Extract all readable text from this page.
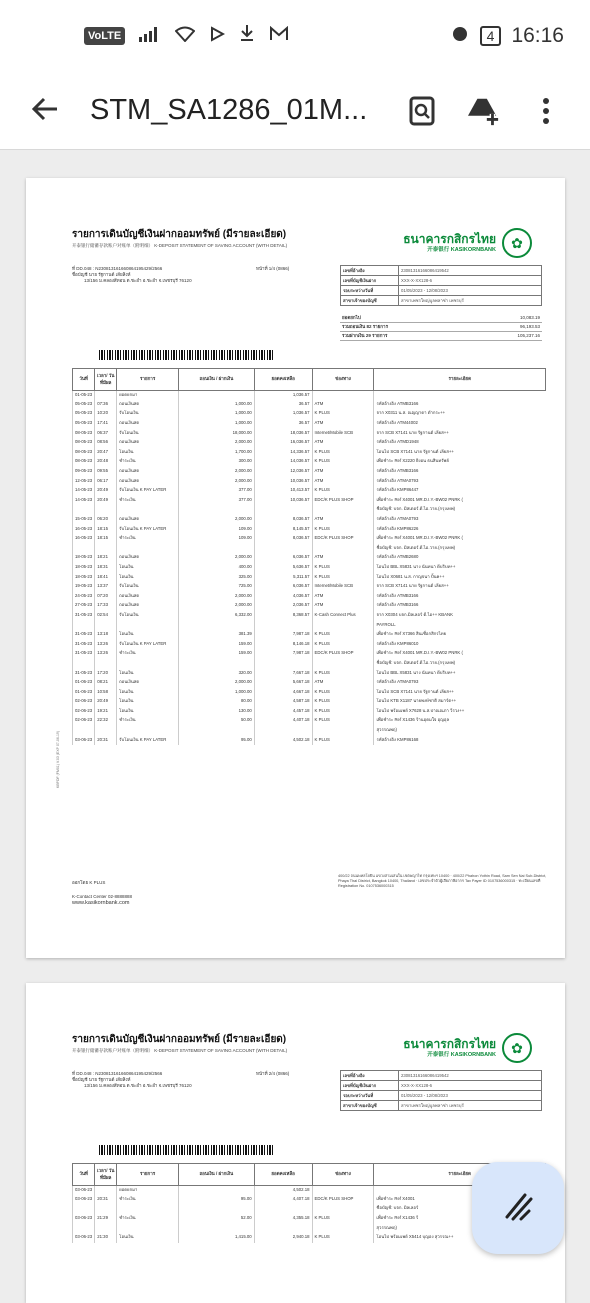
VoLTE	4 16:16
STM_SA1286_01M...
รายการเดินบัญชีเงินฝากออมทรัพย์ (มีรายละเอียด)
开泰银行储蓄存款账户对账单（附明细） K-DEPOSIT STATEMENT OF SAVING ACCOUNT (WITH DETAIL)	ธนาคารกสิกรไทย
开泰银行 KASIKORNBANK	✿
ที่ DD.048 : N2308131616608641954‌29/2566
ชื่อบัญชี นาย รัฐกานต์ เลียสิงห์
13/156 ม.คลองสีทอน ต.ชะอำ อ.ชะอำ จ.เพชรบุรี 76120
หน้าที่ 1/4 (0866)	เลขที่อ้างอิง	230813161660864195‌42
เลขที่บัญชีเงินฝาก	XXX-X-XX128-6
รอบระหว่างวันที่	01/05/2023 - 12/08/2023
สาขาเจ้าของบัญชี	สาขาเพชรใหญ่บูลพลาซ่า เพชรบุรี
ยอดยกไป	10,083.19
รวมถอนเงิน 82 รายการ	96,193.53
รวมฝากเงิน 29 รายการ	105,237.16
วันที่	เวลา/ วันที่มีผล	รายการ	ถอนเงิน / ฝากเงิน	ยอดคงเหลือ	ช่องทาง	รายละเอียด
01-05-23		ยอดยกมา		1,036.57		
05-05-23	07:36	ถอนเงินสด	1,000.00	36.57	ATM	รหัสอ้างอิง ATMB3166
05-05-23	10:20	รับโอนเงิน	1,000.00	1,036.57	K PLUS	จาก X0311 น.ส. ณญญาดา ตำกระ++
05-05-23	17:41	ถอนเงินสด	1,000.00	36.57	ATM	รหัสอ้างอิง ATM44002
08-05-23	06:37	รับโอนเงิน	18,000.00	18,036.57	Internet/Mobile SCB	จาก SCB X7141 นาย รัฐกานต์ เลียส++
08-05-23	08:56	ถอนเงินสด	2,000.00	16,036.57	ATM	รหัสอ้างอิง ATMD1948
08-05-23	20:47	โอนเงิน	1,700.00	14,336.57	K PLUS	โอนไป SCB X7141 นาย รัฐกานต์ เลียส++
08-05-23	20:48	ชำระเงิน	300.00	14,036.57	K PLUS	เพื่อชำระ Ref X2220 ยิ่งอน ธนสินทรัพย์
09-05-23	09:55	ถอนเงินสด	2,000.00	12,036.57	ATM	รหัสอ้างอิง ATMB3166
12-05-23	06:17	ถอนเงินสด	2,000.00	10,036.57	ATM	รหัสอ้างอิง ATMA0793
14-05-23	20:49	รับโอนเงิน K PAY LATER	377.00	10,413.57	K PLUS	รหัสอ้างอิง KMP86447
14-05-23	20:49	ชำระเงิน	377.00	10,036.57	EDC/K PLUS SHOP	เพื่อชำระ Ref X4001 MR.D.I.Y.-BW02 PNRK (
						ชื่อบัญชี: บจก. มิสเตอร์.ดี.ไอ.วาย.(กรุงเทพ)
15-05-23	06:20	ถอนเงินสด	2,000.00	8,036.57	ATM	รหัสอ้างอิง ATMA0793
16-05-23	18:15	รับโอนเงิน K PAY LATER	109.00	8,145.57	K PLUS	รหัสอ้างอิง KMP86226
16-05-23	18:15	ชำระเงิน	109.00	8,036.57	EDC/K PLUS SHOP	เพื่อชำระ Ref X4001 MR.D.I.Y.-BW02 PNRK (
						ชื่อบัญชี: บจก. มิสเตอร์.ดี.ไอ.วาย.(กรุงเทพ)
18-05-23	18:21	ถอนเงินสด	2,000.00	6,036.57	ATM	รหัสอ้างอิง ATMB2680
18-05-23	18:31	โอนเงิน	400.00	5,636.57	K PLUS	โอนไป BBL X5831 นาง นันทนา ดีบริบท++
18-05-23	18:41	โอนเงิน	325.00	5,311.57	K PLUS	โอนไป X0681 น.ส. กาญจนา ปั้นค++
19-05-23	13:37	รับโอนเงิน	725.00	6,036.57	Internet/Mobile SCB	จาก SCB X7141 นาย รัฐกานต์ เลียส++
24-05-23	07:20	ถอนเงินสด	2,000.00	4,036.57	ATM	รหัสอ้างอิง ATMB3166
27-05-23	17:33	ถอนเงินสด	2,000.00	2,036.57	ATM	รหัสอ้างอิง ATMB3166
31-05-23	02:54	รับโอนเงิน	6,332.00	8,368.57	K-Cash Connect Plus	จาก X0304 บจก.มิลเลอร์ ดี.ไอ++ KBANK
						PAYROLL
31-05-23	13:18	โอนเงิน	381.39	7,987.18	K PLUS	เพื่อชำระ Ref X7366 สินเชื่อกสิกรไทย
31-05-23	13:26	รับโอนเงิน K PAY LATER	159.00	8,146.18	K PLUS	รหัสอ้างอิง KMP86010
31-05-23	13:26	ชำระเงิน	159.00	7,987.18	EDC/K PLUS SHOP	เพื่อชำระ Ref X4001 MR.D.I.Y.-BW02 PNRK (
						ชื่อบัญชี: บจก. มิสเตอร์.ดี.ไอ.วาย.(กรุงเทพ)
31-05-23	17:20	โอนเงิน	320.00	7,667.18	K PLUS	โอนไป BBL X5831 นาง นันทนา ดีบริบท++
01-06-23	08:21	ถอนเงินสด	2,000.00	5,667.18	ATM	รหัสอ้างอิง ATMA0793
01-06-23	10:58	โอนเงิน	1,000.00	4,667.18	K PLUS	โอนไป SCB X7141 นาย รัฐกานต์ เลียส++
02-06-23	20:49	โอนเงิน	80.00	4,587.18	K PLUS	โอนไป KTB X1187 นายพงษ์ชาติ สมาร์ต++
02-06-23	19:21	โอนเงิน	130.00	4,457.18	K PLUS	โอนไป พร้อมเพย์ X7628 น.ส.ปาณณภา วีรวง++
02-06-23	22:32	ชำระเงิน	50.00	4,407.18	K PLUS	เพื่อชำระ Ref X1436 ร้านอุดมใจ อุญอุล
						สุวรรณพฤ)
03-06-23	20:31	รับโอนเงิน K PAY LATER	95.00	4,502.18	K PLUS	รหัสอ้างอิง KMP86168
ออกโดย K PLUS
K-Contact Center 02-8888888
www.kasikornbank.com
400/22 ถนนพหลโยธิน แขวงสามเสนใน เขตพญาไท กรุงเทพฯ 10400 · 400/22 Phahon Yothin Road, Sam Sen Nai Sub-District, Phaya Thai District, Bangkok 10400, Thailand · เลขประจำตัวผู้เสียภาษีอากร Tax Payer ID 0107536000315 · ทะเบียนเลขที่ Registration No. 0107536000315
KBPDF (FM01) V.03 (EXP 07-06-19)
รายการเดินบัญชีเงินฝากออมทรัพย์ (มีรายละเอียด)
开泰银行储蓄存款账户对账单（附明细） K-DEPOSIT STATEMENT OF SAVING ACCOUNT (WITH DETAIL)	ธนาคารกสิกรไทย
开泰银行 KASIKORNBANK	✿
ที่ DD.048 : N2308131616608641954‌29/2566
ชื่อบัญชี นาย รัฐกานต์ เลียสิงห์
13/156 ม.คลองสีทอน ต.ชะอำ อ.ชะอำ จ.เพชรบุรี 76120
หน้าที่ 2/4 (0866)	เลขที่อ้างอิง	230813161660864195‌42
เลขที่บัญชีเงินฝาก	XXX-X-XX128-6
รอบระหว่างวันที่	01/05/2023 - 12/08/2023
สาขาเจ้าของบัญชี	สาขาเพชรใหญ่บูลพลาซ่า เพชรบุรี
วันที่	เวลา/ วันที่มีผล	รายการ	ถอนเงิน / ฝากเงิน	ยอดคงเหลือ	ช่องทาง	รายละเอียด
03-06-23		ยอดยกมา		4,502.18		
03-06-23	20:31	ชำระเงิน	95.00	4,407.18	EDC/K PLUS SHOP	เพื่อชำระ Ref X4001
						ชื่อบัญชี: บจก. มิลเลอร์
03-06-23	21:29	ชำระเงิน	52.00	4,355.18	K PLUS	เพื่อชำระ Ref X1436 ร้
						สุวรรณพฤ)
03-06-23	21:30	โอนเงิน	1,415.00	2,940.18	K PLUS	โอนไป พร้อมเพย์ X5414 บุญอง สุวรรณ++
